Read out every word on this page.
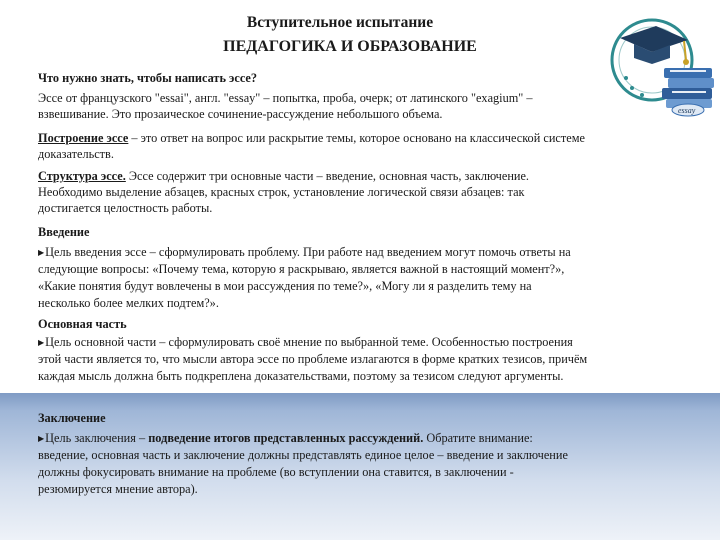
essay
Вступительное испытание
ПЕДАГОГИКА И ОБРАЗОВАНИЕ
Что нужно знать, чтобы написать эссе?
Эссе от французского "essai", англ. "essay" – попытка, проба, очерк; от латинского "exagium" –
взвешивание. Это прозаическое сочинение-рассуждение небольшого объема.
Построение эссе – это ответ на вопрос или раскрытие темы, которое основано на классической системе
доказательств.
Структура эссе. Эссе содержит три основные части – введение, основная часть, заключение.
Необходимо выделение абзацев, красных строк, установление логической связи абзацев: так
достигается целостность работы.
Введение
▶Цель введения эссе – сформулировать проблему. При работе над введением могут помочь ответы на
следующие вопросы: «Почему тема, которую я раскрываю, является важной в настоящий момент?»,
«Какие понятия будут вовлечены в мои рассуждения по теме?», «Могу ли я разделить тему на
несколько более мелких подтем?».
Основная часть
▶Цель основной части – сформулировать своё мнение по выбранной теме. Особенностью построения
этой части является то, что мысли автора эссе по проблеме излагаются в форме кратких тезисов, причём
каждая мысль должна быть подкреплена доказательствами, поэтому за тезисом следуют аргументы.
Заключение
▶Цель заключения – подведение итогов представленных рассуждений. Обратите внимание:
введение, основная часть и заключение должны представлять единое целое – введение и заключение
должны фокусировать внимание на проблеме (во вступлении она ставится, в заключении -
резюмируется мнение автора).
